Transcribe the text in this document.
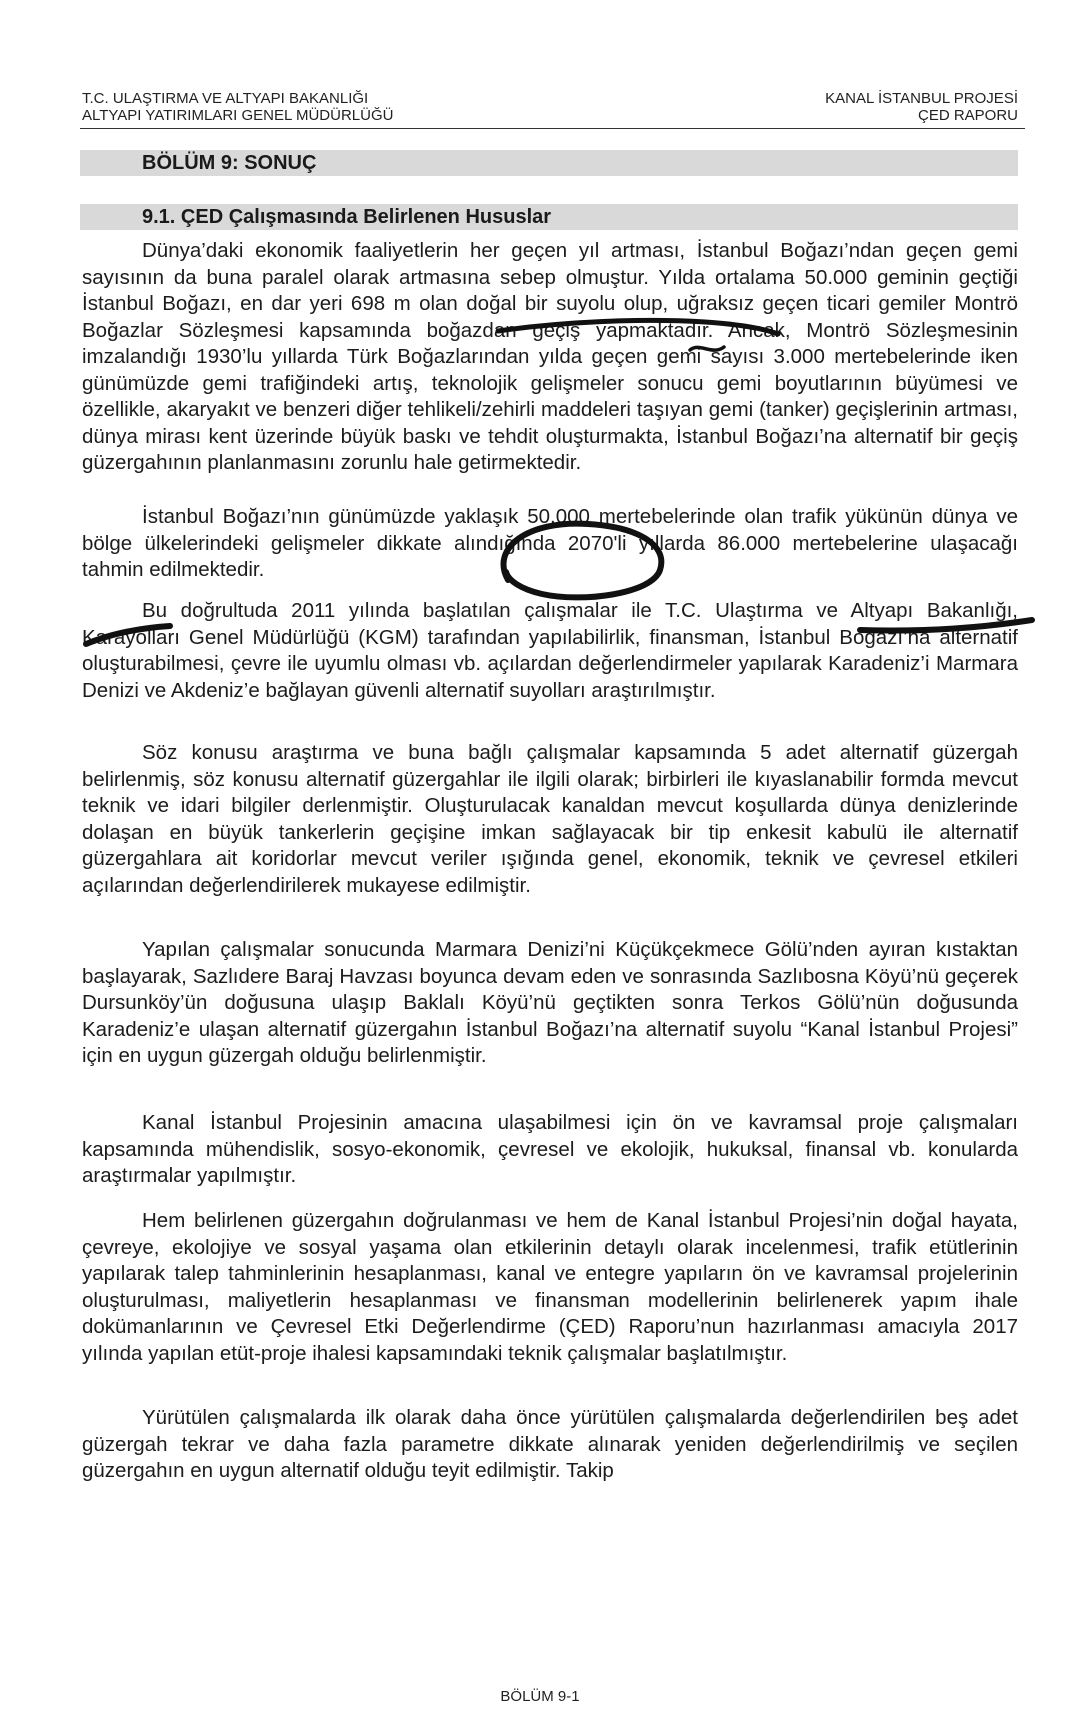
T.C. ULAŞTIRMA VE ALTYAPI BAKANLIĞI
ALTYAPI YATIRIMLARI GENEL MÜDÜRLÜĞÜ
KANAL İSTANBUL PROJESİ
ÇED RAPORU
BÖLÜM 9: SONUÇ
9.1. ÇED Çalışmasında Belirlenen Hususlar

Dünya’daki ekonomik faaliyetlerin her geçen yıl artması, İstanbul Boğazı’ndan geçen gemi sayısının da buna paralel olarak artmasına sebep olmuştur. Yılda ortalama 50.000 geminin geçtiği İstanbul Boğazı, en dar yeri 698 m olan doğal bir suyolu olup, uğraksız geçen ticari gemiler Montrö Boğazlar Sözleşmesi kapsamında boğazdan geçiş yapmaktadır. Ancak, Montrö Sözleşmesinin imzalandığı 1930’lu yıllarda Türk Boğazlarından yılda geçen gemi sayısı 3.000 mertebelerinde iken günümüzde gemi trafiğindeki artış, teknolojik gelişmeler sonucu gemi boyutlarının büyümesi ve özellikle, akaryakıt ve benzeri diğer tehlikeli/zehirli maddeleri taşıyan gemi (tanker) geçişlerinin artması, dünya mirası kent üzerinde büyük baskı ve tehdit oluşturmakta, İstanbul Boğazı’na alternatif bir geçiş güzergahının planlanmasını zorunlu hale getirmektedir.

İstanbul Boğazı’nın günümüzde yaklaşık 50.000 mertebelerinde olan trafik yükünün dünya ve bölge ülkelerindeki gelişmeler dikkate alındığında 2070'li yıllarda 86.000 mertebelerine ulaşacağı tahmin edilmektedir.

Bu doğrultuda 2011 yılında başlatılan çalışmalar ile T.C. Ulaştırma ve Altyapı Bakanlığı, Karayolları Genel Müdürlüğü (KGM) tarafından yapılabilirlik, finansman, İstanbul Boğazı’na alternatif oluşturabilmesi, çevre ile uyumlu olması vb. açılardan değerlendirmeler yapılarak Karadeniz’i Marmara Denizi ve Akdeniz’e bağlayan güvenli alternatif suyolları araştırılmıştır.

Söz konusu araştırma ve buna bağlı çalışmalar kapsamında 5 adet alternatif güzergah belirlenmiş, söz konusu alternatif güzergahlar ile ilgili olarak; birbirleri ile kıyaslanabilir formda mevcut teknik ve idari bilgiler derlenmiştir. Oluşturulacak kanaldan mevcut koşullarda dünya denizlerinde dolaşan en büyük tankerlerin geçişine imkan sağlayacak bir tip enkesit kabulü ile alternatif güzergahlara ait koridorlar mevcut veriler ışığında genel, ekonomik, teknik ve çevresel etkileri açılarından değerlendirilerek mukayese edilmiştir.

Yapılan çalışmalar sonucunda Marmara Denizi’ni Küçükçekmece Gölü’nden ayıran kıstaktan başlayarak, Sazlıdere Baraj Havzası boyunca devam eden ve sonrasında Sazlıbosna Köyü’nü geçerek Dursunköy’ün doğusuna ulaşıp Baklalı Köyü’nü geçtikten sonra Terkos Gölü’nün doğusunda Karadeniz’e ulaşan alternatif güzergahın İstanbul Boğazı’na alternatif suyolu “Kanal İstanbul Projesi” için en uygun güzergah olduğu belirlenmiştir.

Kanal İstanbul Projesinin amacına ulaşabilmesi için ön ve kavramsal proje çalışmaları kapsamında mühendislik, sosyo-ekonomik, çevresel ve ekolojik, hukuksal, finansal vb. konularda araştırmalar yapılmıştır.

Hem belirlenen güzergahın doğrulanması ve hem de Kanal İstanbul Projesi’nin doğal hayata, çevreye, ekolojiye ve sosyal yaşama olan etkilerinin detaylı olarak incelenmesi, trafik etütlerinin yapılarak talep tahminlerinin hesaplanması, kanal ve entegre yapıların ön ve kavramsal projelerinin oluşturulması, maliyetlerin hesaplanması ve finansman modellerinin belirlenerek yapım ihale dokümanlarının ve Çevresel Etki Değerlendirme (ÇED) Raporu’nun hazırlanması amacıyla 2017 yılında yapılan etüt-proje ihalesi kapsamındaki teknik çalışmalar başlatılmıştır.

Yürütülen çalışmalarda ilk olarak daha önce yürütülen çalışmalarda değerlendirilen beş adet güzergah tekrar ve daha fazla parametre dikkate alınarak yeniden değerlendirilmiş ve seçilen güzergahın en uygun alternatif olduğu teyit edilmiştir. Takip

BÖLÜM 9-1
